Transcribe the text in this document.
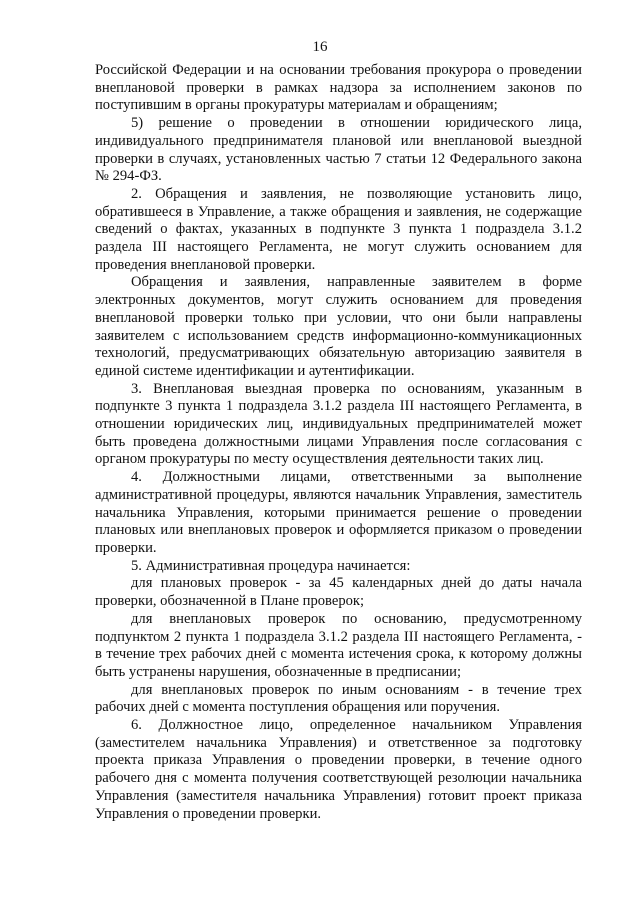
16

Российской Федерации и на основании требования прокурора о проведении внеплановой проверки в рамках надзора за исполнением законов по поступившим в органы прокуратуры материалам и обращениям;

5) решение о проведении в отношении юридического лица, индивидуального предпринимателя плановой или внеплановой выездной проверки в случаях, установленных частью 7 статьи 12 Федерального закона № 294-ФЗ.

2. Обращения и заявления, не позволяющие установить лицо, обратившееся в Управление, а также обращения и заявления, не содержащие сведений о фактах, указанных в подпункте 3 пункта 1 подраздела 3.1.2 раздела III настоящего Регламента, не могут служить основанием для проведения внеплановой проверки.

Обращения и заявления, направленные заявителем в форме электронных документов, могут служить основанием для проведения внеплановой проверки только при условии, что они были направлены заявителем с использованием средств информационно-коммуникационных технологий, предусматривающих обязательную авторизацию заявителя в единой системе идентификации и аутентификации.

3. Внеплановая выездная проверка по основаниям, указанным в подпункте 3 пункта 1 подраздела 3.1.2 раздела III настоящего Регламента, в отношении юридических лиц, индивидуальных предпринимателей может быть проведена должностными лицами Управления после согласования с органом прокуратуры по месту осуществления деятельности таких лиц.

4. Должностными лицами, ответственными за выполнение административной процедуры, являются начальник Управления, заместитель начальника Управления, которыми принимается решение о проведении плановых или внеплановых проверок и оформляется приказом о проведении проверки.

5. Административная процедура начинается:

для плановых проверок - за 45 календарных дней до даты начала проверки, обозначенной в Плане проверок;

для внеплановых проверок по основанию, предусмотренному подпунктом 2 пункта 1 подраздела 3.1.2 раздела III настоящего Регламента, - в течение трех рабочих дней с момента истечения срока, к которому должны быть устранены нарушения, обозначенные в предписании;

для внеплановых проверок по иным основаниям - в течение трех рабочих дней с момента поступления обращения или поручения.

6. Должностное лицо, определенное начальником Управления (заместителем начальника Управления) и ответственное за подготовку проекта приказа Управления о проведении проверки, в течение одного рабочего дня с момента получения соответствующей резолюции начальника Управления (заместителя начальника Управления) готовит проект приказа Управления о проведении проверки.
